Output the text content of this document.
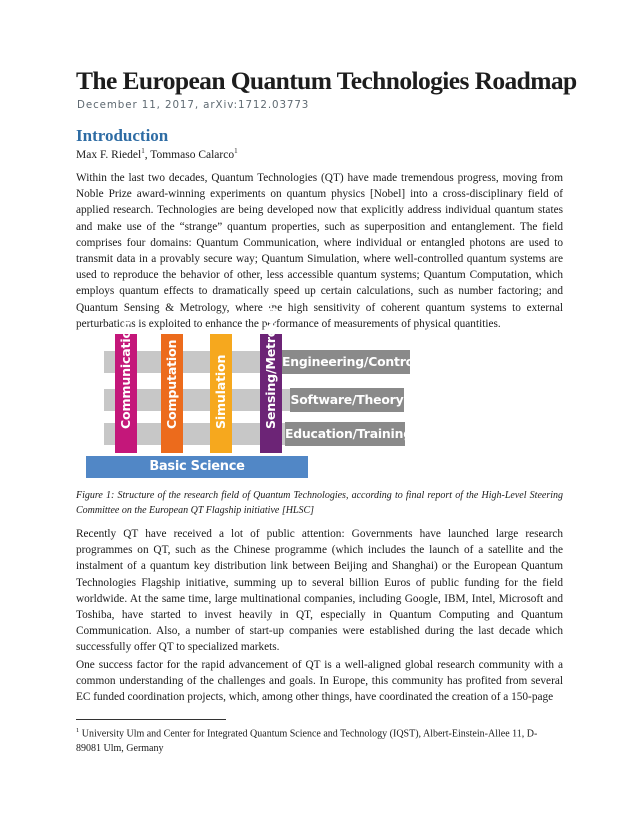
The European Quantum Technologies Roadmap
December 11, 2017, arXiv:1712.03773
Introduction
Max F. Riedel$^1$, Tommaso Calarco$^1$

Within the last two decades, Quantum Technologies (QT) have made tremendous progress, moving from Noble Prize award-winning experiments on quantum physics [Nobel] into a cross-disciplinary field of applied research. Technologies are being developed now that explicitly address individual quantum states and make use of the “strange” quantum properties, such as superposition and entanglement. The field comprises four domains: Quantum Communication, where individual or entangled photons are used to transmit data in a provably secure way; Quantum Simulation, where well-controlled quantum systems are used to reproduce the behavior of other, less accessible quantum systems; Quantum Computation, which employs quantum effects to dramatically speed up certain calculations, such as number factoring; and Quantum Sensing & Metrology, where the high sensitivity of coherent quantum systems to external perturbations is exploited to enhance the performance of measurements of physical quantities.

Engineering/Control
Software/Theory
Education/Training
Communication	Computation	Simulation	Sensing/Metrology
Basic Science

Figure 1: Structure of the research field of Quantum Technologies, according to final report of the High-Level Steering Committee on the European QT Flagship initiative [HLSC]

Recently QT have received a lot of public attention: Governments have launched large research programmes on QT, such as the Chinese programme (which includes the launch of a satellite and the instalment of a quantum key distribution link between Beijing and Shanghai) or the European Quantum Technologies Flagship initiative, summing up to several billion Euros of public funding for the field worldwide. At the same time, large multinational companies, including Google, IBM, Intel, Microsoft and Toshiba, have started to invest heavily in QT, especially in Quantum Computing and Quantum Communication. Also, a number of start-up companies were established during the last decade which successfully offer QT to specialized markets.

One success factor for the rapid advancement of QT is a well-aligned global research community with a common understanding of the challenges and goals. In Europe, this community has profited from several EC funded coordination projects, which, among other things, have coordinated the creation of a 150-page

$^1$ University Ulm and Center for Integrated Quantum Science and Technology (IQST), Albert-Einstein-Allee 11, D-89081 Ulm, Germany
